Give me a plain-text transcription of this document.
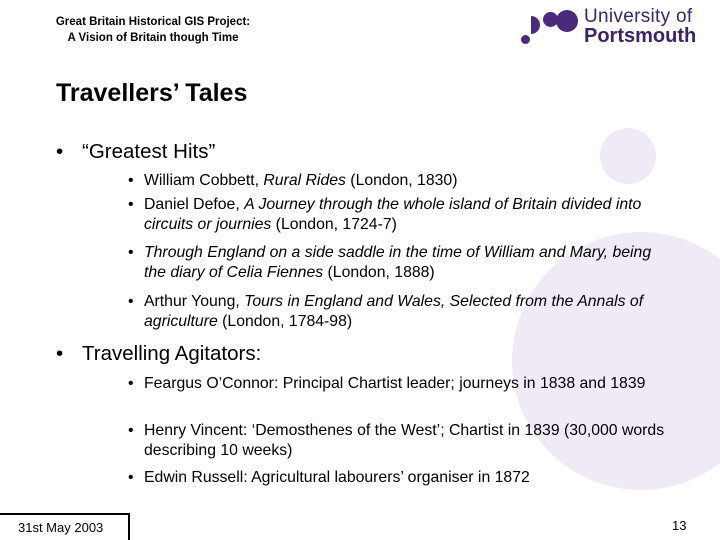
Great Britain Historical GIS Project:
A Vision of Britain though Time
University of
Portsmouth
Travellers’ Tales
• “Greatest Hits”
• William Cobbett, Rural Rides (London, 1830)
• Daniel Defoe, A Journey through the whole island of Britain divided into circuits or journies (London, 1724-7)
• Through England on a side saddle in the time of William and Mary, being the diary of Celia Fiennes (London, 1888)
• Arthur Young, Tours in England and Wales, Selected from the Annals of agriculture (London, 1784-98)
• Travelling Agitators:
• Feargus O’Connor: Principal Chartist leader; journeys in 1838 and 1839
• Henry Vincent: ‘Demosthenes of the West’; Chartist in 1839 (30,000 words describing 10 weeks)
• Edwin Russell: Agricultural labourers’ organiser in 1872
31st May 2003	13
